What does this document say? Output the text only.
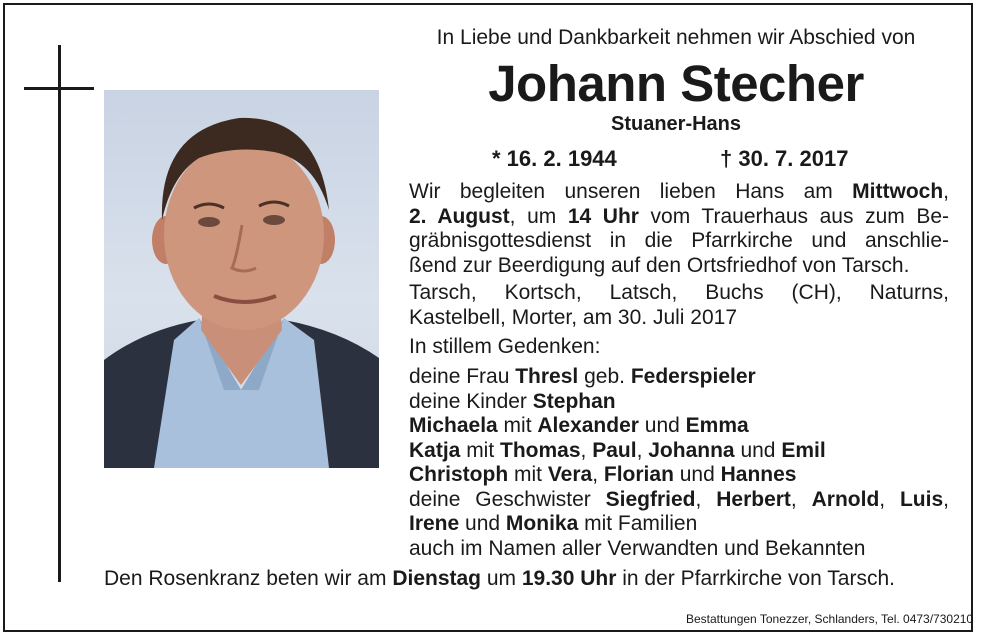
In Liebe und Dankbarkeit nehmen wir Abschied von
Johann Stecher
Stuaner-Hans
* 16. 2. 1944	† 30. 7. 2017
Wir begleiten unseren lieben Hans am Mittwoch,
2. August, um 14 Uhr vom Trauerhaus aus zum Be-
gräbnisgottesdienst in die Pfarrkirche und anschlie-
ßend zur Beerdigung auf den Ortsfriedhof von Tarsch.
Tarsch, Kortsch, Latsch, Buchs (CH), Naturns,
Kastelbell, Morter, am 30. Juli 2017
In stillem Gedenken:
deine Frau Thresl geb. Federspieler
deine Kinder Stephan
Michaela mit Alexander und Emma
Katja mit Thomas, Paul, Johanna und Emil
Christoph mit Vera, Florian und Hannes
deine Geschwister Siegfried, Herbert, Arnold, Luis,
Irene und Monika mit Familien
auch im Namen aller Verwandten und Bekannten
Den Rosenkranz beten wir am Dienstag um 19.30 Uhr in der Pfarrkirche von Tarsch.
Bestattungen Tonezzer, Schlanders, Tel. 0473/730210
